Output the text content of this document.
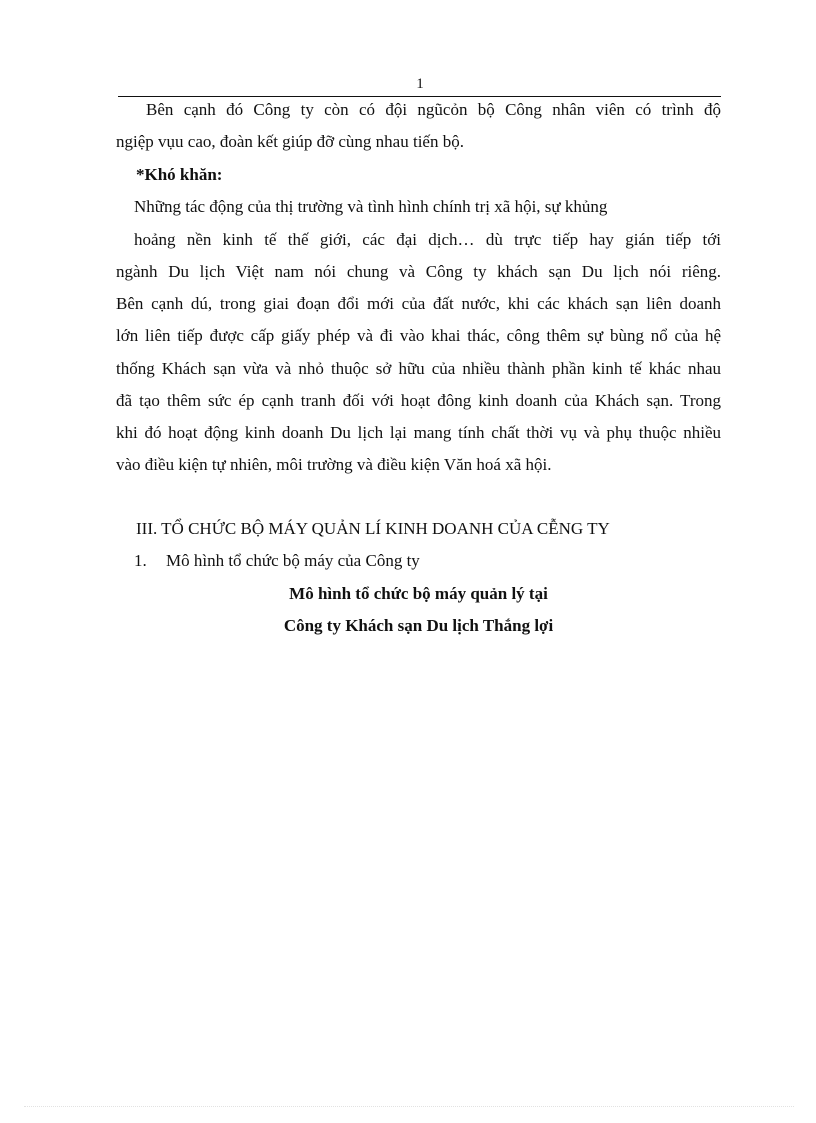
1
Bên cạnh đó Công ty còn có đội ngũcỏn bộ Công nhân viên có trình độ
ngiệp vụu cao, đoàn kết giúp đỡ cùng nhau tiến bộ.
*Khó khăn:
Những tác động của thị trường và tình hình chính trị xã hội, sự khủng
hoảng nền kinh tế thế giới, các đại dịch… dù trực tiếp hay gián tiếp tới
ngành Du lịch Việt nam nói chung và Công ty khách sạn Du lịch nói riêng.
Bên cạnh dú, trong giai đoạn đổi mới của đất nước, khi các khách sạn liên doanh
lớn liên tiếp được cấp giấy phép và đi vào khai thác, công thêm sự bùng nổ của hệ
thống Khách sạn vừa và nhỏ thuộc sở hữu của nhiều thành phần kinh tế khác nhau
đã tạo thêm sức ép cạnh tranh đối với hoạt đông kinh doanh của Khách sạn. Trong
khi đó hoạt động kinh doanh Du lịch lại mang tính chất thời vụ và phụ thuộc nhiều
vào điều kiện tự nhiên, môi trường và điều kiện Văn hoá xã hội.
III. TỔ CHỨC BỘ MÁY QUẢN LÍ KINH DOANH CỦA CỄNG TY
1.	Mô hình tổ chức bộ máy của Công ty
Mô hình tổ chức bộ máy quản lý tại
Công ty Khách sạn Du lịch Thắng lợi
